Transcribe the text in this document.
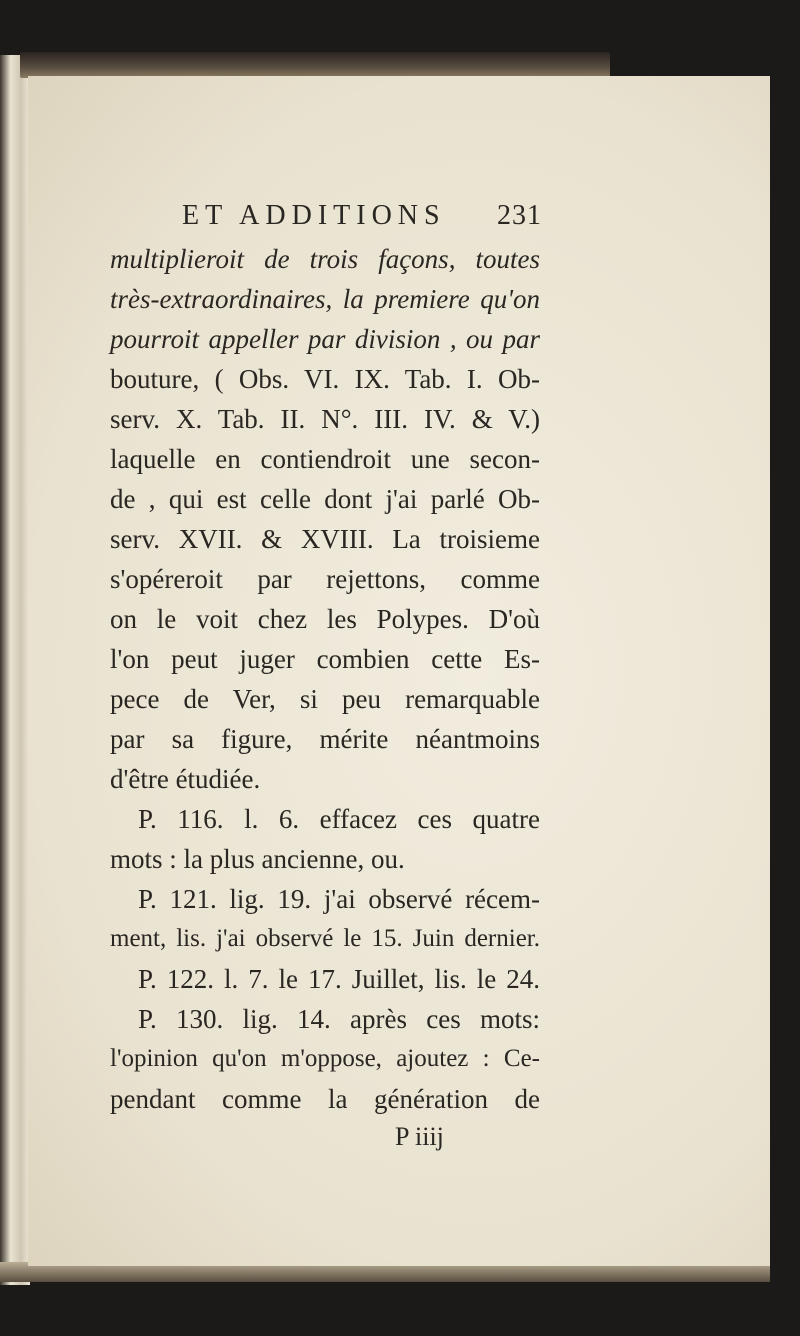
ET ADDITIONS 231
multiplieroit de trois façons, toutes
très-extraordinaires, la premiere qu'on
pourroit appeller par division , ou par
bouture, ( Obs. VI. IX. Tab. I. Ob-
serv. X. Tab. II. N°. III. IV. & V.)
laquelle en contiendroit une secon-
de , qui est celle dont j'ai parlé Ob-
serv. XVII. & XVIII. La troisieme
s'opéreroit par rejettons, comme
on le voit chez les Polypes. D'où
l'on peut juger combien cette Es-
pece de Ver, si peu remarquable
par sa figure, mérite néantmoins
d'être étudiée.
P. 116. l. 6. effacez ces quatre
mots : la plus ancienne, ou.
P. 121. lig. 19. j'ai observé récem-
ment, lis. j'ai observé le 15. Juin dernier.
P. 122. l. 7. le 17. Juillet, lis. le 24.
P. 130. lig. 14. après ces mots:
l'opinion qu'on m'oppose, ajoutez : Ce-
pendant comme la génération de
P iiij
